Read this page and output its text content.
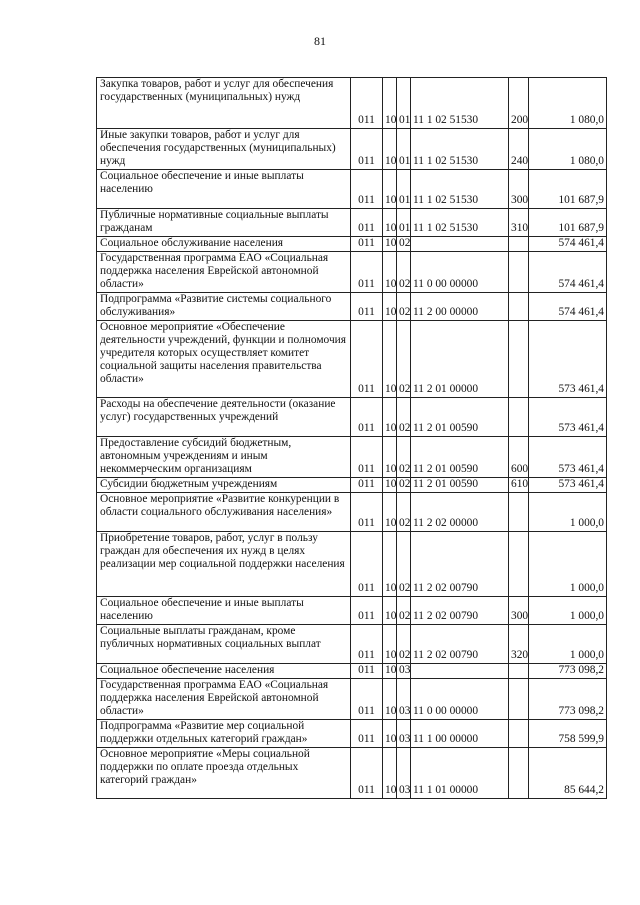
81
Закупка товаров, работ и услуг для обеспечения государственных (муниципальных) нужд	011	10	01	11 1 02 51530	200	1 080,0
Иные закупки товаров, работ и услуг для обеспечения государственных (муниципальных) нужд	011	10	01	11 1 02 51530	240	1 080,0
Социальное обеспечение и иные выплаты населению	011	10	01	11 1 02 51530	300	101 687,9
Публичные нормативные социальные выплаты гражданам	011	10	01	11 1 02 51530	310	101 687,9
Социальное обслуживание населения	011	10	02			574 461,4
Государственная программа ЕАО «Социальная поддержка населения Еврейской автономной области»	011	10	02	11 0 00 00000		574 461,4
Подпрограмма «Развитие системы социального обслуживания»	011	10	02	11 2 00 00000		574 461,4
Основное мероприятие «Обеспечение деятельности учреждений, функции и полномочия учредителя которых осуществляет комитет социальной защиты населения правительства области»	011	10	02	11 2 01 00000		573 461,4
Расходы на обеспечение деятельности (оказание услуг) государственных учреждений	011	10	02	11 2 01 00590		573 461,4
Предоставление субсидий бюджетным, автономным учреждениям и иным некоммерческим организациям	011	10	02	11 2 01 00590	600	573 461,4
Субсидии бюджетным учреждениям	011	10	02	11 2 01 00590	610	573 461,4
Основное мероприятие «Развитие конкуренции в области социального обслуживания населения»	011	10	02	11 2 02 00000		1 000,0
Приобретение товаров, работ, услуг в пользу граждан для обеспечения их нужд в целях реализации мер социальной поддержки населения	011	10	02	11 2 02 00790		1 000,0
Социальное обеспечение и иные выплаты населению	011	10	02	11 2 02 00790	300	1 000,0
Социальные выплаты гражданам, кроме публичных нормативных социальных выплат	011	10	02	11 2 02 00790	320	1 000,0
Социальное обеспечение населения	011	10	03			773 098,2
Государственная программа ЕАО «Социальная поддержка населения Еврейской автономной области»	011	10	03	11 0 00 00000		773 098,2
Подпрограмма «Развитие мер социальной поддержки отдельных категорий граждан»	011	10	03	11 1 00 00000		758 599,9
Основное мероприятие «Меры социальной поддержки по оплате проезда отдельных категорий граждан»	011	10	03	11 1 01 00000		85 644,2
